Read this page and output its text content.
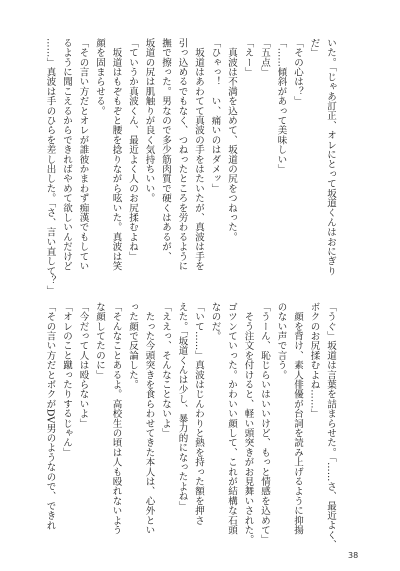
いた。「じゃあ訂正、オレにとって坂道くんはおにぎり
だ」
「その心は？」
「……傾斜があって美味しい」
「五点」
「えー」
　真波は不満を込めて、坂道の尻をつねった。
「ひゃっ！　い、痛いのはダメッ」
　坂道はあわてて真波の手をはたいたが、真波は手を
引っ込めるでもなく、つねったところを労わるように
撫で擦った。男なので多少筋肉質で硬くはあるが、
坂道の尻は肌触りが良く気持ちいい。
「ていうか真波くん、最近よく人のお尻揉むよね」
　坂道はもぞもぞと腰を捻りながら呟いた。真波は笑
顔を固まらせる。
「その言い方だとオレが誰彼かまわず痴漢でもしてい
るように聞こえるからできればやめて欲しいんだけど
……」真波は手のひらを差し出した。「さ、言い直して？」
「うぐ」坂道は言葉を詰まらせた。「……さ、最近よく、
ボクのお尻揉むよね……」
　顔を背け、素人俳優が台詞を読み上げるように抑揚
のない声で言う。
「うーん、恥じらいはいいけど、もっと情感を込めて」
　そう注文を付けると、軽い頭突きがお見舞いされた。
ゴツンていった。かわいい顔して、これが結構な石頭
なのだ。
「いて……」真波はじんわりと熱を持った額を押さ
えた。「坂道くんは少し、暴力的になったよね」
「ええっ、そんなことないよ」
　たった今頭突きを食らわせてきた本人は、心外とい
った顔で反論した。
「そんなことあるよ。高校生の頃は人も殴れないよう
な顔してたのに」
「今だって人は殴らないよ」
「オレのこと蹴ったりするじゃん」
「その言い方だとボクがDV男のようなので、できれ
38
